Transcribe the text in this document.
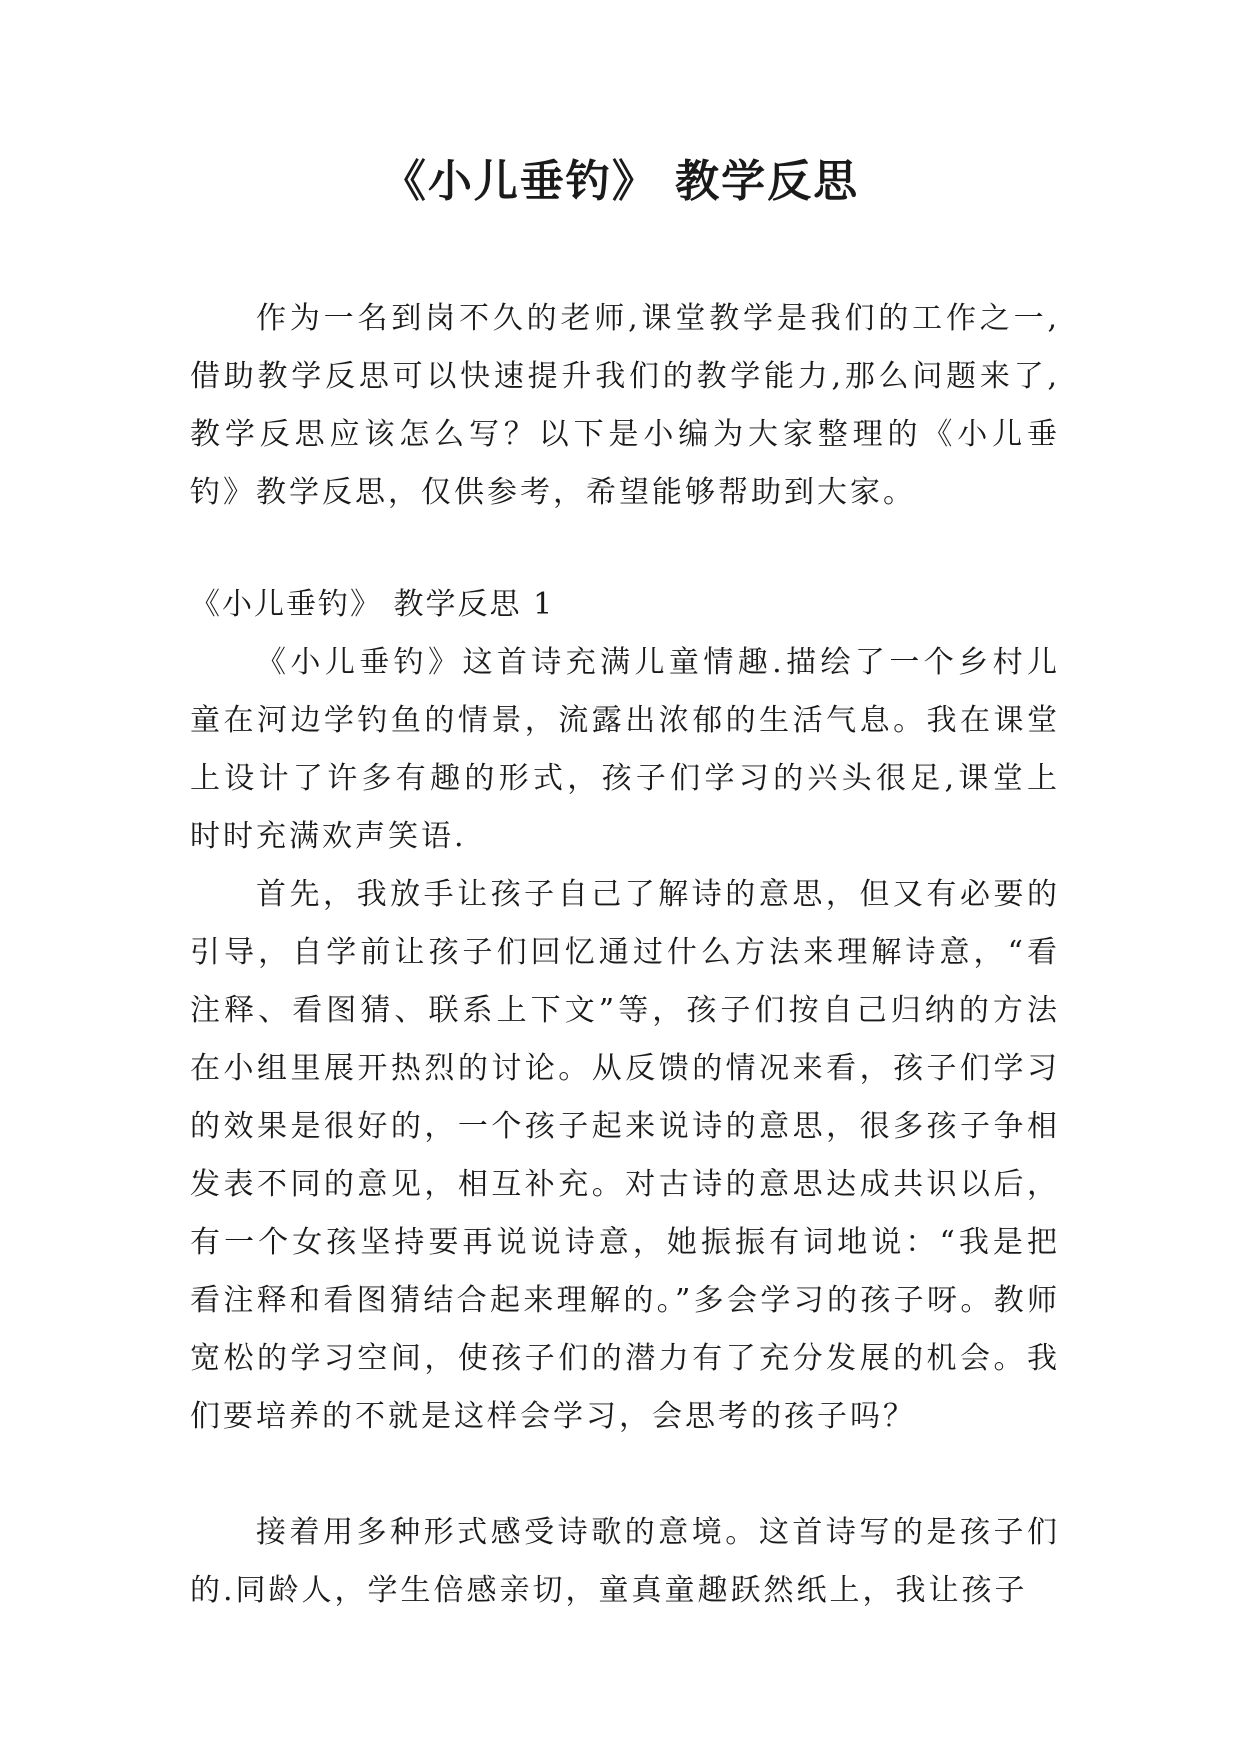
《小儿垂钓》 教学反思

作为一名到岗不久的老师,课堂教学是我们的工作之一,借助教学反思可以快速提升我们的教学能力,那么问题来了,教学反思应该怎么写？以下是小编为大家整理的《小儿垂钓》教学反思，仅供参考，希望能够帮助到大家。

《小儿垂钓》 教学反思 1

《小儿垂钓》这首诗充满儿童情趣.描绘了一个乡村儿童在河边学钓鱼的情景，流露出浓郁的生活气息。我在课堂上设计了许多有趣的形式，孩子们学习的兴头很足,课堂上时时充满欢声笑语.

首先，我放手让孩子自己了解诗的意思，但又有必要的引导，自学前让孩子们回忆通过什么方法来理解诗意，“看注释、看图猜、联系上下文”等，孩子们按自己归纳的方法在小组里展开热烈的讨论。从反馈的情况来看，孩子们学习的效果是很好的，一个孩子起来说诗的意思，很多孩子争相发表不同的意见，相互补充。对古诗的意思达成共识以后，有一个女孩坚持要再说说诗意，她振振有词地说：“我是把看注释和看图猜结合起来理解的。”多会学习的孩子呀。教师宽松的学习空间，使孩子们的潜力有了充分发展的机会。我们要培养的不就是这样会学习，会思考的孩子吗？

接着用多种形式感受诗歌的意境。这首诗写的是孩子们的.同龄人，学生倍感亲切，童真童趣跃然纸上，我让孩子
